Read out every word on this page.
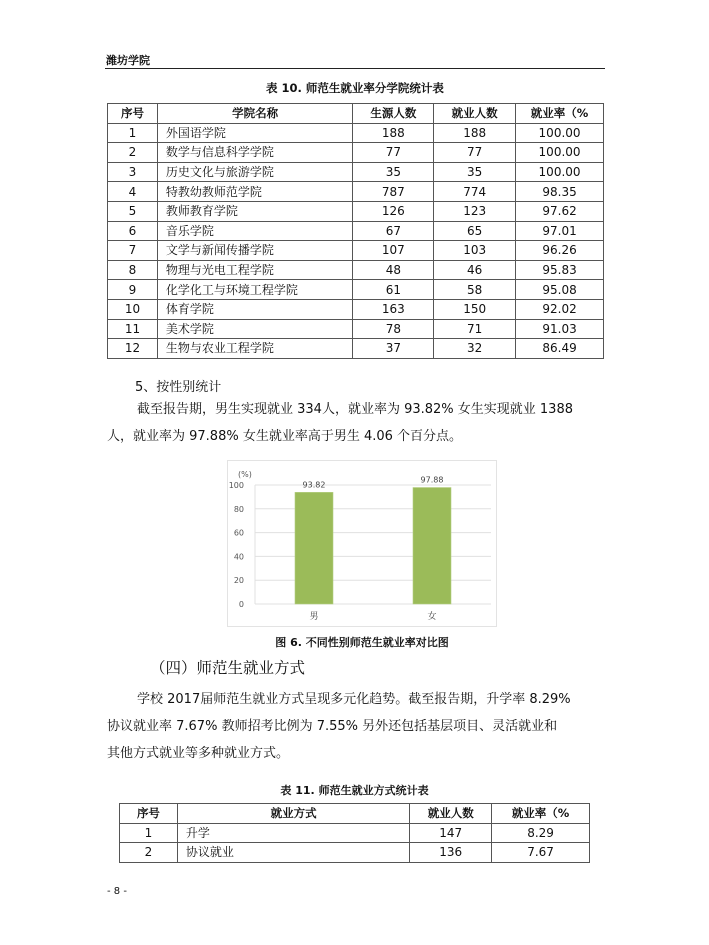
潍坊学院
表 10. 师范生就业率分学院统计表
序号	学院名称	生源人数	就业人数	就业率（%
1	外国语学院	188	188	100.00
2	数学与信息科学学院	77	77	100.00
3	历史文化与旅游学院	35	35	100.00
4	特教幼教师范学院	787	774	98.35
5	教师教育学院	126	123	97.62
6	音乐学院	67	65	97.01
7	文学与新闻传播学院	107	103	96.26
8	物理与光电工程学院	48	46	95.83
9	化学化工与环境工程学院	61	58	95.08
10	体育学院	163	150	92.02
11	美术学院	78	71	91.03
12	生物与农业工程学院	37	32	86.49
5、按性别统计
截至报告期，男生实现就业 334人，就业率为 93.82% 女生实现就业 1388
人，就业率为 97.88% 女生就业率高于男生 4.06 个百分点。
(%)
0
20
40
60
80
100	93.82
97.88
男	女
图 6. 不同性别师范生就业率对比图
（四）师范生就业方式
学校 2017届师范生就业方式呈现多元化趋势。截至报告期，升学率 8.29%
协议就业率 7.67% 教师招考比例为 7.55% 另外还包括基层项目、灵活就业和
其他方式就业等多种就业方式。
表 11. 师范生就业方式统计表
序号	就业方式	就业人数	就业率（%
1	升学	147	8.29
2	协议就业	136	7.67
- 8 -
